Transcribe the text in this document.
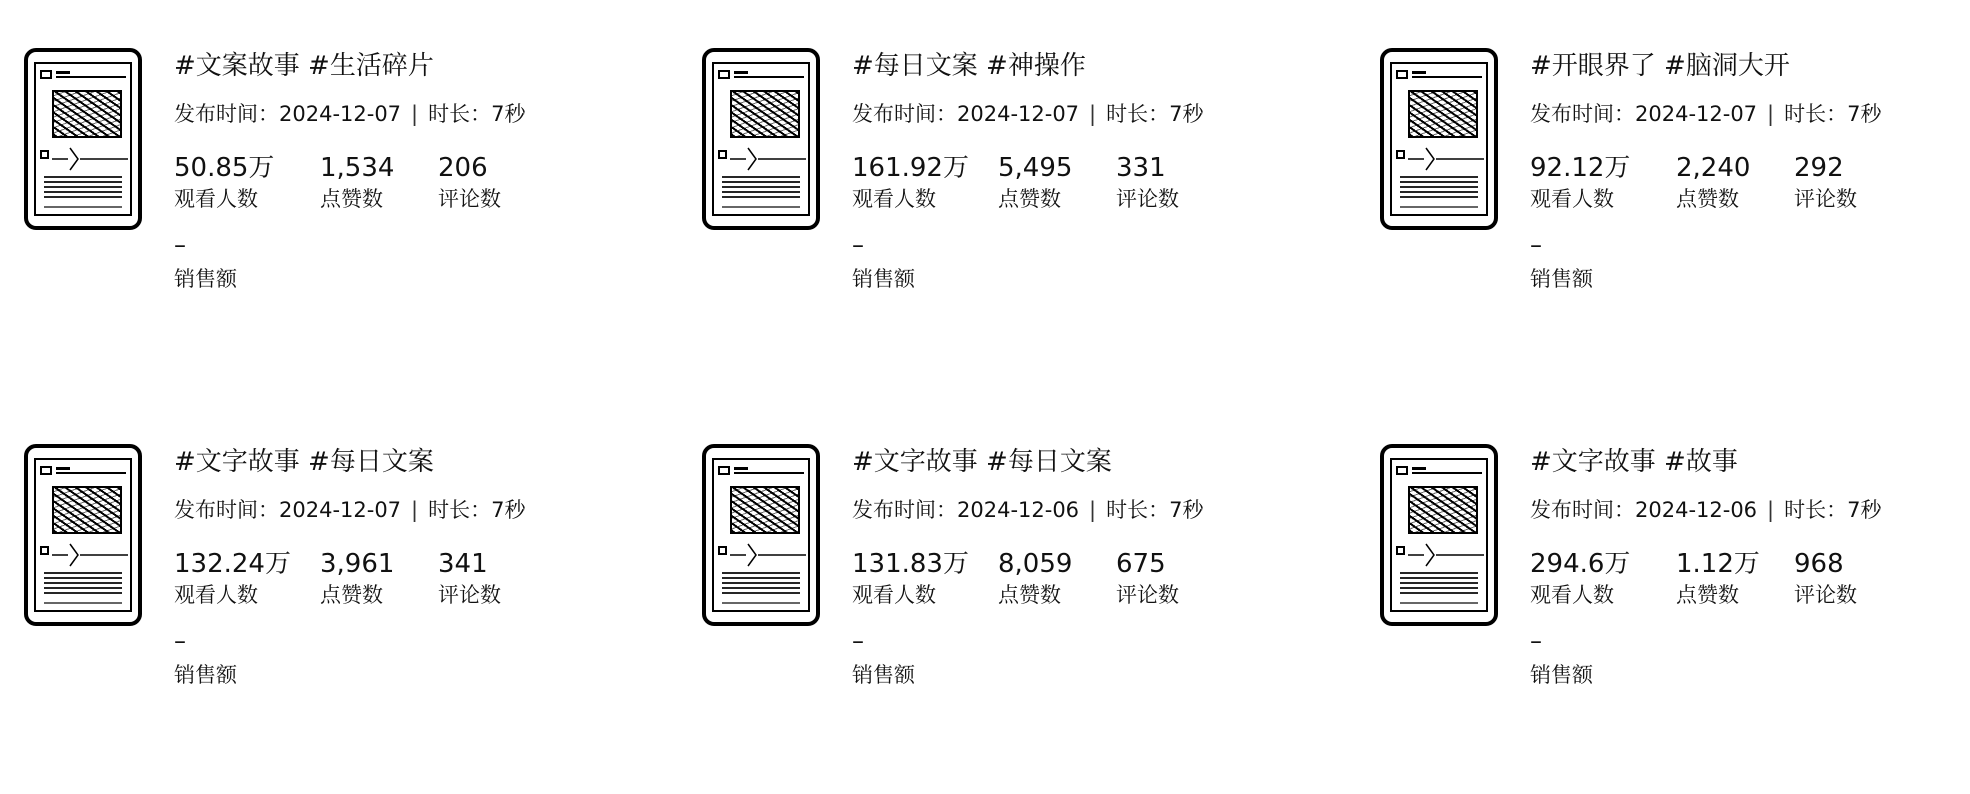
#文案故事 #生活碎片
发布时间：2024-12-07 | 时长：7秒
50.85万
观看人数
1,534
点赞数
206
评论数
–
销售额
#每日文案 #神操作
发布时间：2024-12-07 | 时长：7秒
161.92万
观看人数
5,495
点赞数
331
评论数
–
销售额
#开眼界了 #脑洞大开
发布时间：2024-12-07 | 时长：7秒
92.12万
观看人数
2,240
点赞数
292
评论数
–
销售额
#文字故事 #每日文案
发布时间：2024-12-07 | 时长：7秒
132.24万
观看人数
3,961
点赞数
341
评论数
–
销售额
#文字故事 #每日文案
发布时间：2024-12-06 | 时长：7秒
131.83万
观看人数
8,059
点赞数
675
评论数
–
销售额
#文字故事 #故事
发布时间：2024-12-06 | 时长：7秒
294.6万
观看人数
1.12万
点赞数
968
评论数
–
销售额
